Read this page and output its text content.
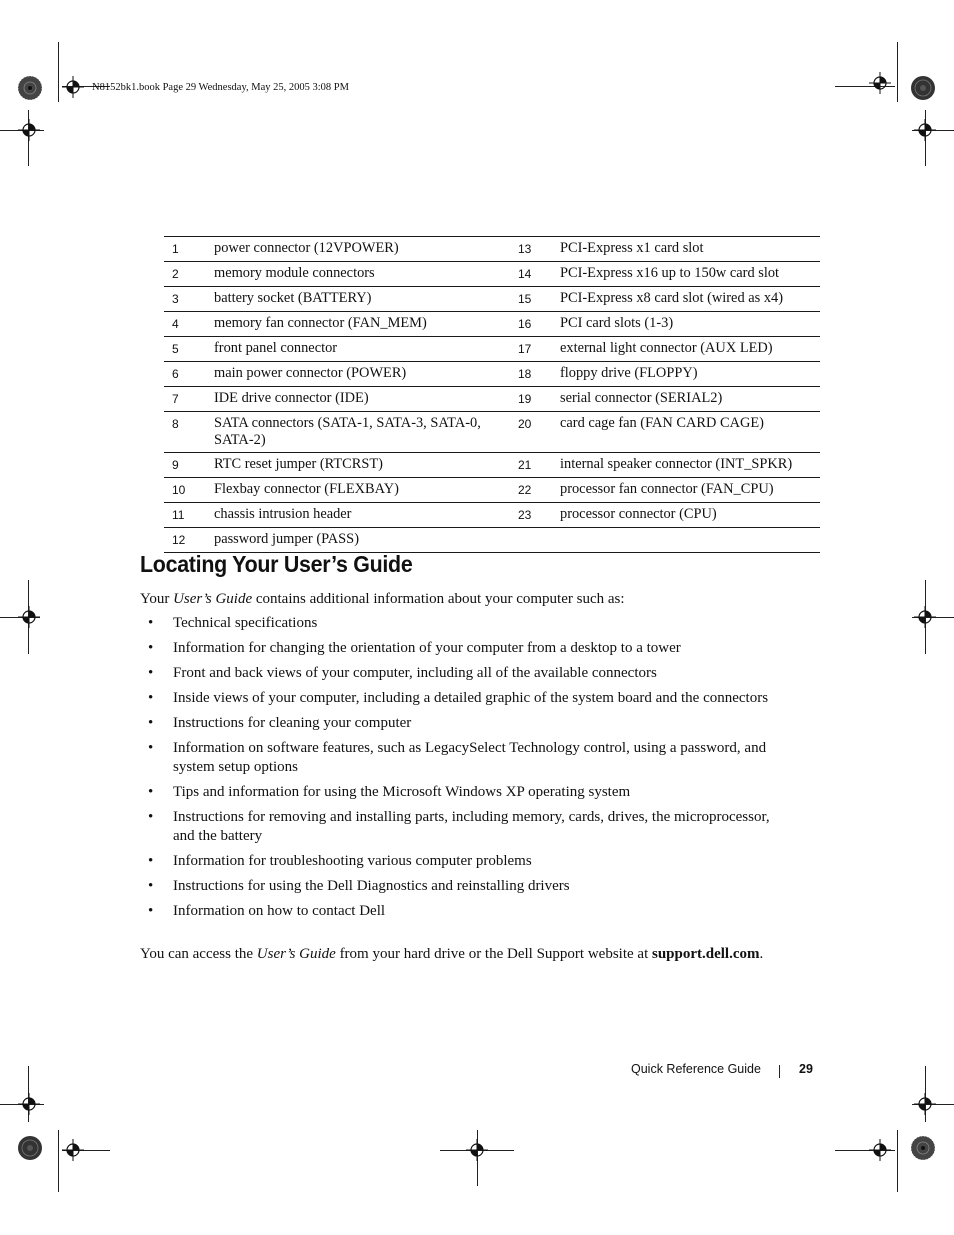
N8152bk1.book Page 29 Wednesday, May 25, 2005 3:08 PM
1	power connector (12VPOWER)	13	PCI-Express x1 card slot
2	memory module connectors	14	PCI-Express x16 up to 150w card slot
3	battery socket (BATTERY)	15	PCI-Express x8 card slot (wired as x4)
4	memory fan connector (FAN_MEM)	16	PCI card slots (1-3)
5	front panel connector	17	external light connector (AUX LED)
6	main power connector (POWER)	18	floppy drive (FLOPPY)
7	IDE drive connector (IDE)	19	serial connector (SERIAL2)
8	SATA connectors (SATA-1, SATA-3, SATA-0, SATA-2)	20	card cage fan (FAN CARD CAGE)
9	RTC reset jumper (RTCRST)	21	internal speaker connector (INT_SPKR)
10	Flexbay connector (FLEXBAY)	22	processor fan connector (FAN_CPU)
11	chassis intrusion header	23	processor connector (CPU)
12	password jumper (PASS)		
Locating Your User’s Guide
Your User’s Guide contains additional information about your computer such as:
• Technical specifications
• Information for changing the orientation of your computer from a desktop to a tower
• Front and back views of your computer, including all of the available connectors
• Inside views of your computer, including a detailed graphic of the system board and the connectors
• Instructions for cleaning your computer
• Information on software features, such as LegacySelect Technology control, using a password, and system setup options
• Tips and information for using the Microsoft Windows XP operating system
• Instructions for removing and installing parts, including memory, cards, drives, the microprocessor, and the battery
• Information for troubleshooting various computer problems
• Instructions for using the Dell Diagnostics and reinstalling drivers
• Information on how to contact Dell
You can access the User’s Guide from your hard drive or the Dell Support website at support.dell.com.
Quick Reference Guide	29
